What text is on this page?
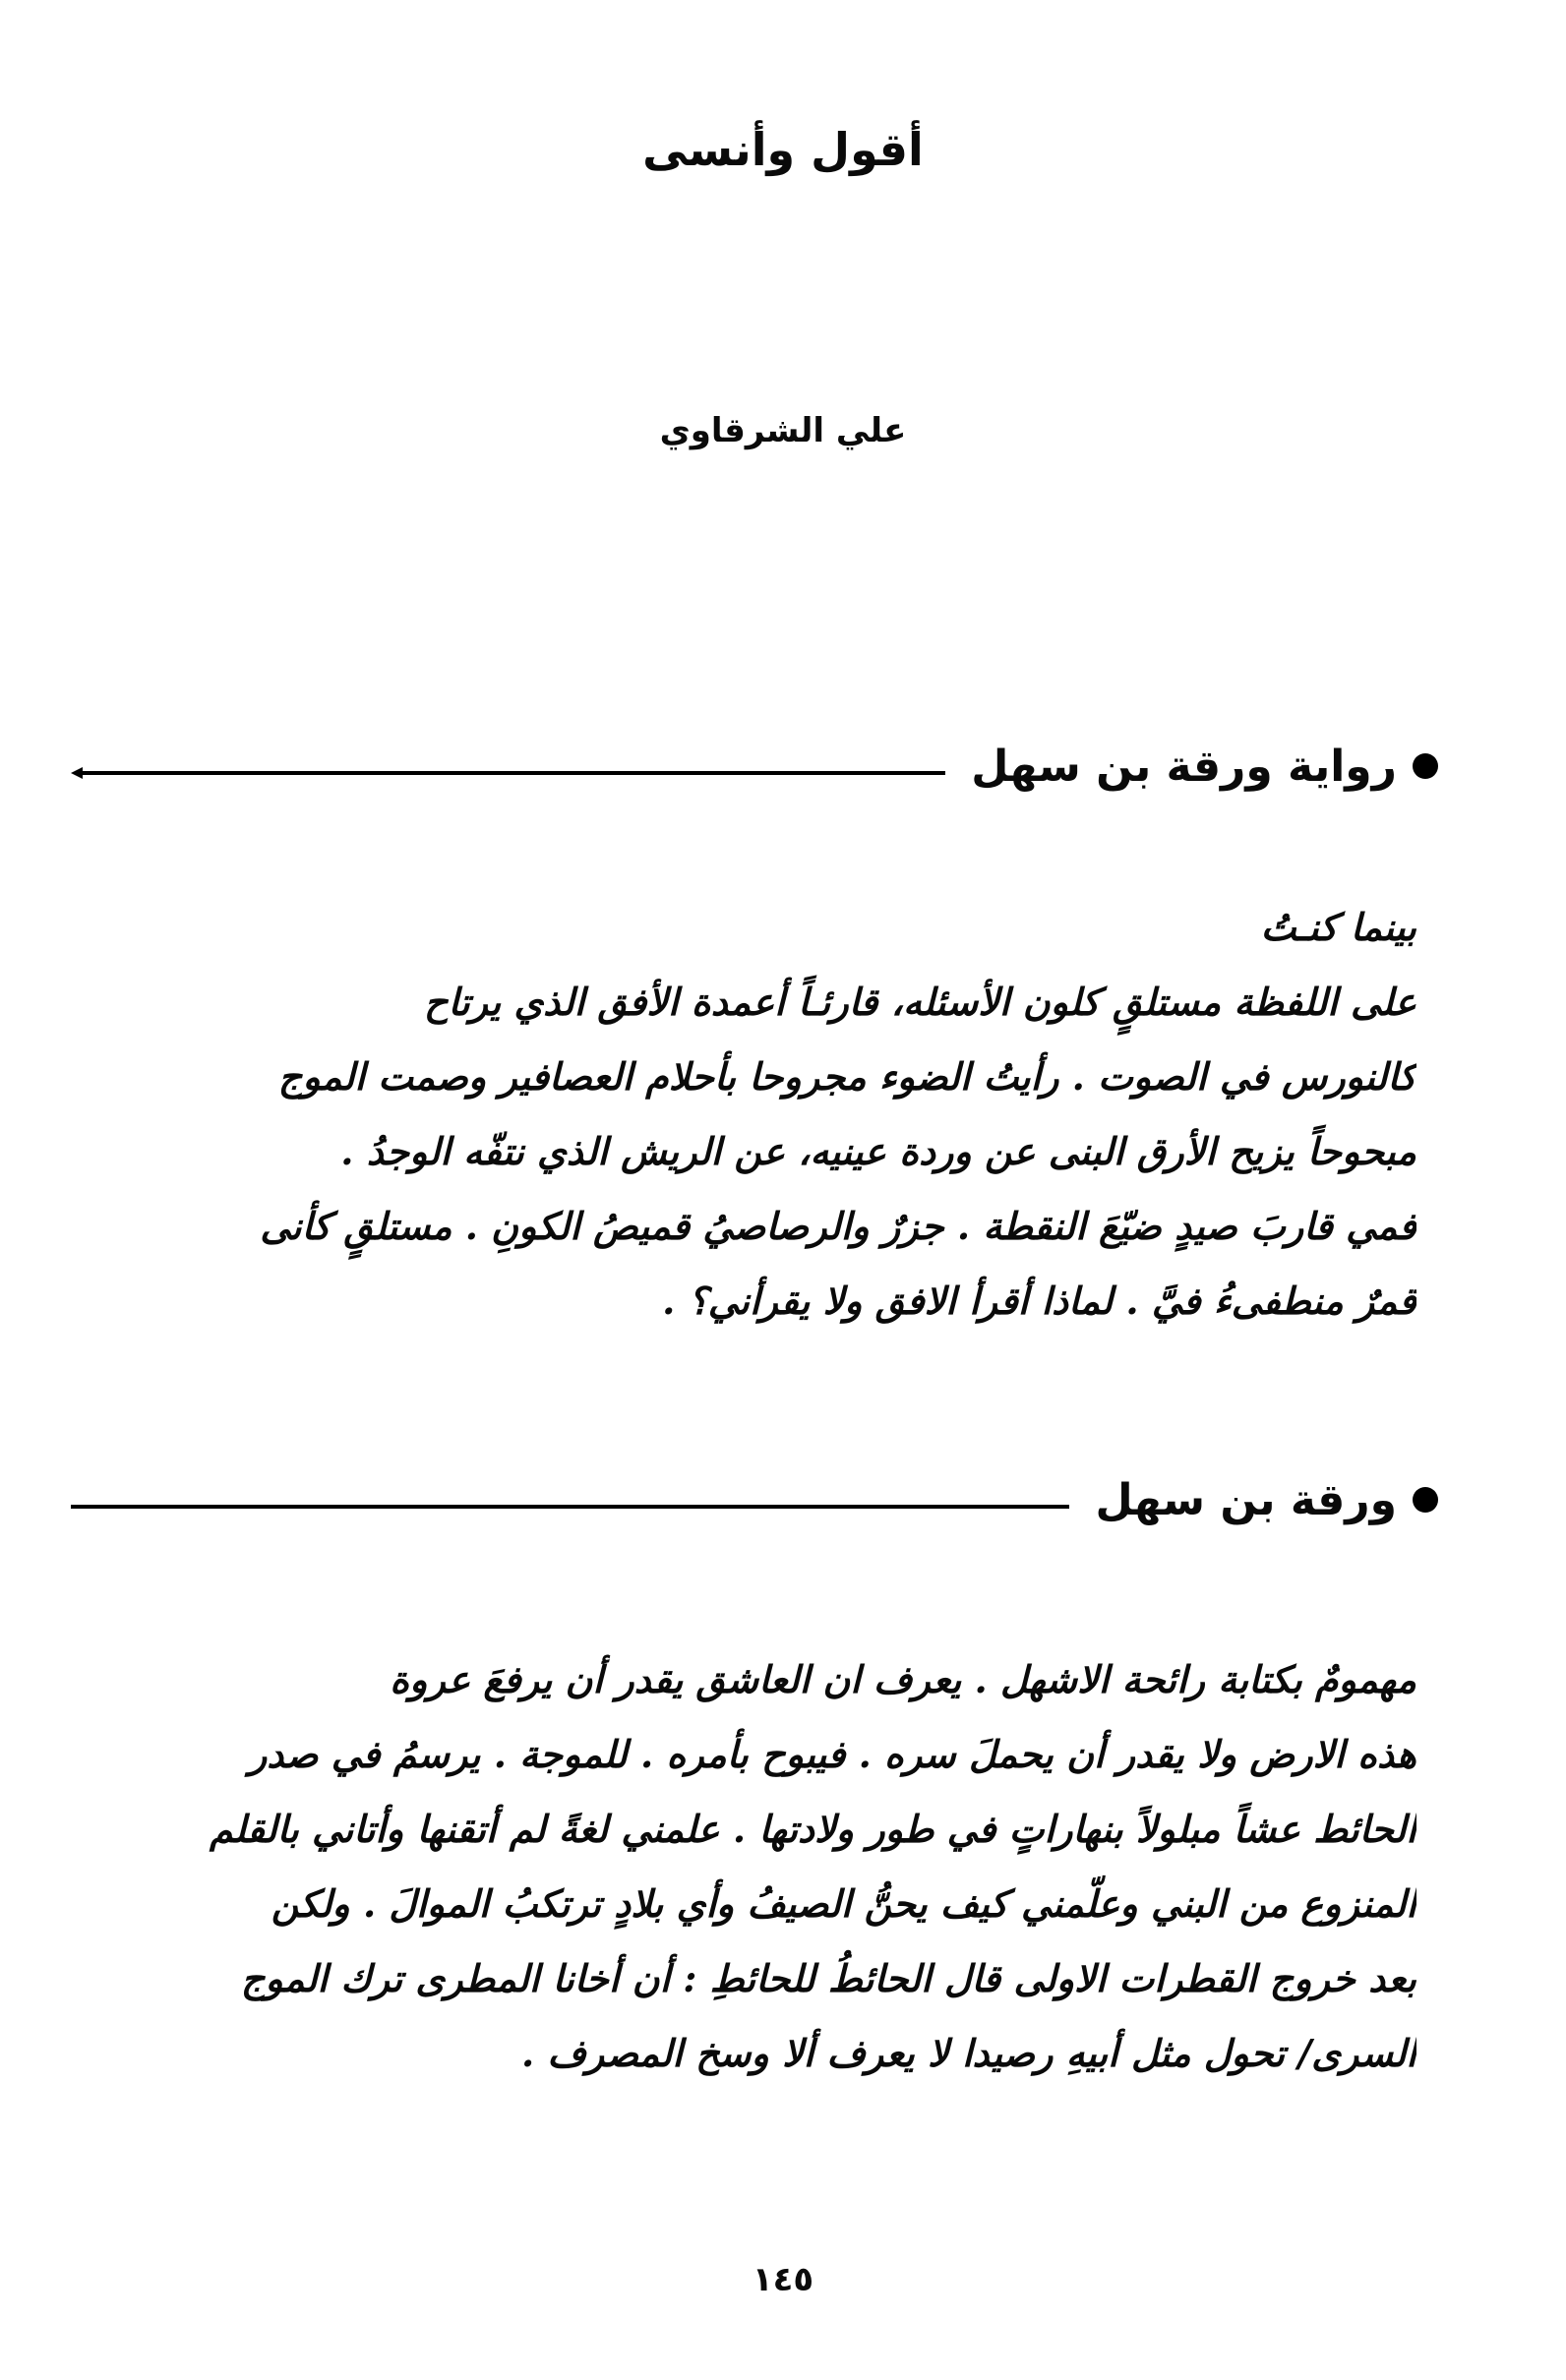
أقول وأنسى
علي الشرقاوي
رواية ورقة بن سهل
بينما كنـتُ
على اللفظة مستلقٍ كلون الأسئله، قارئـاً أعمدة الأفق الذي يرتاح
كالنورس في الصوت . رأيتُ الضوء مجروحا بأحلام العصافير وصمت الموج
مبحوحاً يزيح الأرق البنى عن وردة عينيه، عن الريش الذي نتفّه الوجدُ .
فمي قاربَ صيدٍ ضيّعَ النقطة . جزرٌ والرصاصيُ قميصُ الكونِ . مستلقٍ كأنى
قمرٌ منطفىءُ فيَّ . لماذا أقرأ الافق ولا يقرأني؟ .
ورقة بن سهل
مهمومٌ بكتابة رائحة الاشهل . يعرف ان العاشق يقدر أن يرفعَ عروة
هذه الارض ولا يقدر أن يحملَ سره . فيبوح بأمره . للموجة . يرسمُ في صدر
الحائط عشاً مبلولاً بنهاراتٍ في طور ولادتها . علمني لغةً لم أتقنها وأتاني بالقلم
المنزوع من البني وعلّمني كيف يحنُّ الصيفُ وأي بلادٍ ترتكبُ الموالَ . ولكن
بعد خروج القطرات الاولى قال الحائطُ للحائطِ : أن أخانا المطرى ترك الموج
السرى/ تحول مثل أبيهِ رصيدا لا يعرف ألا وسخ المصرف .
١٤٥
